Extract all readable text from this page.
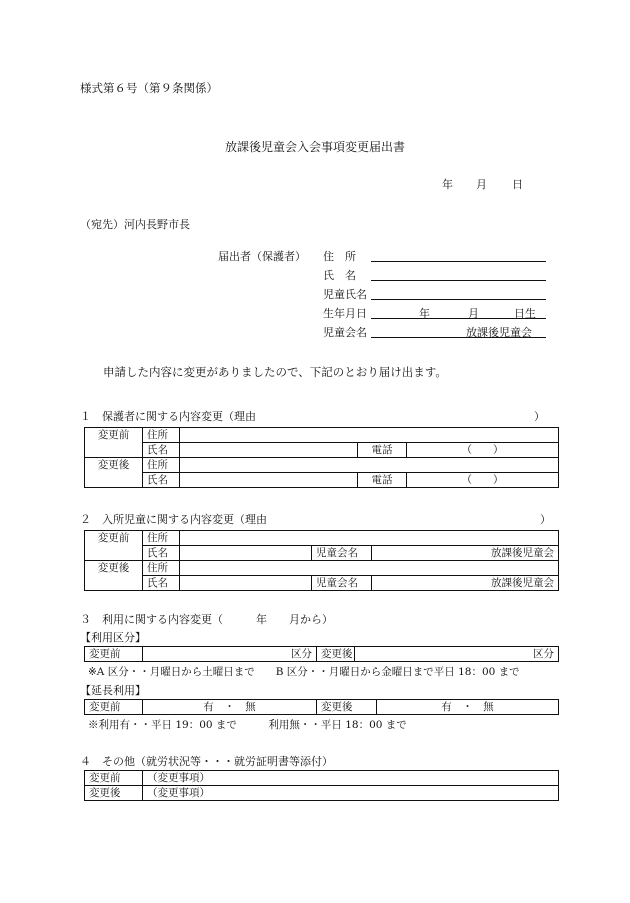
様式第６号（第９条関係）
放課後児童会入会事項変更届出書
年 月 日
（宛先）河内長野市長
届出者（保護者） 住　所
氏　名
児童氏名
生年月日	年	月	日生
児童会名	放課後児童会
申請した内容に変更がありましたので、下記のとおり届け出ます。
１　保護者に関する内容変更（理由	）
変更前	住所			
	氏名		電話	（　　）
変更後	住所			
	氏名		電話	（　　）
２　入所児童に関する内容変更（理由	）
変更前	住所			
	氏名		児童会名	放課後児童会
変更後	住所			
	氏名		児童会名	放課後児童会
３　利用に関する内容変更（　　　年　　月から）
【利用区分】
変更前	区分	変更後	区分
※A 区分・・月曜日から土曜日まで　　B 区分・・月曜日から金曜日まで平日 18：00 まで
【延長利用】
変更前	有　・　無	変更後	有　・　無
※利用有・・平日 19：00 まで　　　利用無・・平日 18：00 まで
４　その他（就労状況等・・・就労証明書等添付）
変更前	（変更事項）
変更後	（変更事項）
